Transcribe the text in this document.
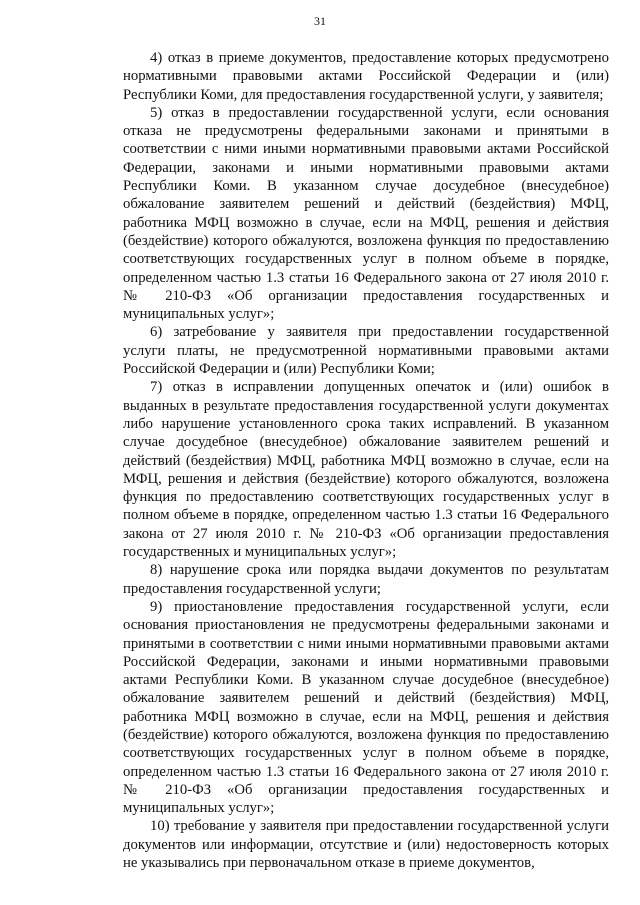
31

4) отказ в приеме документов, предоставление которых предусмотрено нормативными правовыми актами Российской Федерации и (или) Республики Коми, для предоставления государственной услуги, у заявителя;

5) отказ в предоставлении государственной услуги, если основания отказа не предусмотрены федеральными законами и принятыми в соответствии с ними иными нормативными правовыми актами Российской Федерации, законами и иными нормативными правовыми актами Республики Коми. В указанном случае досудебное (внесудебное) обжалование заявителем решений и действий (бездействия) МФЦ, работника МФЦ возможно в случае, если на МФЦ, решения и действия (бездействие) которого обжалуются, возложена функция по предоставлению соответствующих государственных услуг в полном объеме в порядке, определенном частью 1.3 статьи 16 Федерального закона от 27 июля 2010 г. № 210-ФЗ «Об организации предоставления государственных и муниципальных услуг»;

6) затребование у заявителя при предоставлении государственной услуги платы, не предусмотренной нормативными правовыми актами Российской Федерации и (или) Республики Коми;

7) отказ в исправлении допущенных опечаток и (или) ошибок в выданных в результате предоставления государственной услуги документах либо нарушение установленного срока таких исправлений. В указанном случае досудебное (внесудебное) обжалование заявителем решений и действий (бездействия) МФЦ, работника МФЦ возможно в случае, если на МФЦ, решения и действия (бездействие) которого обжалуются, возложена функция по предоставлению соответствующих государственных услуг в полном объеме в порядке, определенном частью 1.3 статьи 16 Федерального закона от 27 июля 2010 г. № 210-ФЗ «Об организации предоставления государственных и муниципальных услуг»;

8) нарушение срока или порядка выдачи документов по результатам предоставления государственной услуги;

9) приостановление предоставления государственной услуги, если основания приостановления не предусмотрены федеральными законами и принятыми в соответствии с ними иными нормативными правовыми актами Российской Федерации, законами и иными нормативными правовыми актами Республики Коми. В указанном случае досудебное (внесудебное) обжалование заявителем решений и действий (бездействия) МФЦ, работника МФЦ возможно в случае, если на МФЦ, решения и действия (бездействие) которого обжалуются, возложена функция по предоставлению соответствующих государственных услуг в полном объеме в порядке, определенном частью 1.3 статьи 16 Федерального закона от 27 июля 2010 г. № 210-ФЗ «Об организации предоставления государственных и муниципальных услуг»;

10) требование у заявителя при предоставлении государственной услуги документов или информации, отсутствие и (или) недостоверность которых не указывались при первоначальном отказе в приеме документов,
